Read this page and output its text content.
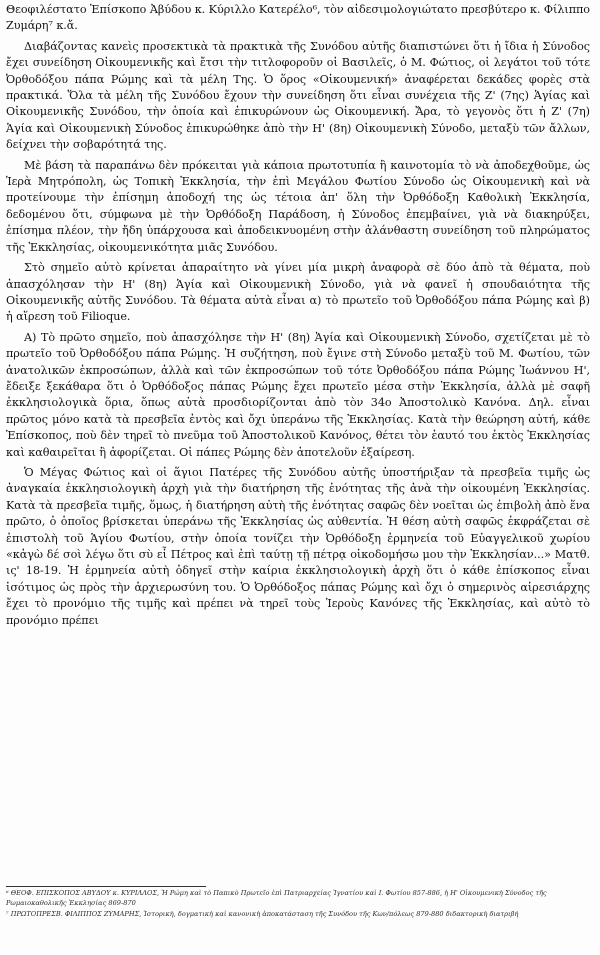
Θεοφιλέστατο Ἐπίσκοπο Ἀβύδου κ. Κύριλλο Κατερέλο⁶, τὸν αἰδεσιμολογιώτατο πρεσβύτερο κ. Φίλιππο Ζυμάρη⁷ κ.ἄ.

Διαβάζοντας κανεὶς προσεκτικὰ τὰ πρακτικὰ τῆς Συνόδου αὐτῆς διαπιστώνει ὅτι ἡ ἴδια ἡ Σύνοδος ἔχει συνείδηση Οἰκουμενικῆς καὶ ἔτσι τὴν τιτλοφοροῦν οἱ Βασιλεῖς, ὁ Μ. Φώτιος, οἱ λεγάτοι τοῦ τότε Ὀρθοδόξου πάπα Ρώμης καὶ τὰ μέλη Της. Ὁ ὅρος «Οἰκουμενική» ἀναφέρεται δεκάδες φορὲς στὰ πρακτικά. Ὅλα τὰ μέλη τῆς Συνόδου ἔχουν τὴν συνείδηση ὅτι εἶναι συνέχεια τῆς Ζ' (7ης) Ἁγίας καὶ Οἰκουμενικῆς Συνόδου, τὴν ὁποία καὶ ἐπικυρώνουν ὡς Οἰκουμενική. Ἄρα, τὸ γεγονὸς ὅτι ἡ Ζ' (7η) Ἁγία καὶ Οἰκουμενικὴ Σύνοδος ἐπικυρώθηκε ἀπὸ τὴν Η' (8η) Οἰκουμενικὴ Σύνοδο, μεταξὺ τῶν ἄλλων, δείχνει τὴν σοβαρότητά της.

Μὲ βάση τὰ παραπάνω δὲν πρόκειται γιὰ κάποια πρωτοτυπία ἢ καινοτομία τὸ νὰ ἀποδεχθοῦμε, ὡς Ἱερὰ Μητρόπολη, ὡς Τοπικὴ Ἐκκλησία, τὴν ἐπὶ Μεγάλου Φωτίου Σύνοδο ὡς Οἰκουμενικὴ καὶ νὰ προτείνουμε τὴν ἐπίσημη ἀποδοχή της ὡς τέτοια ἀπ' ὅλη τὴν Ὀρθόδοξη Καθολικὴ Ἐκκλησία, δεδομένου ὅτι, σύμφωνα μὲ τὴν Ὀρθόδοξη Παράδοση, ἡ Σύνοδος ἐπεμβαίνει, γιὰ νὰ διακηρύξει, ἐπίσημα πλέον, τὴν ἤδη ὑπάρχουσα καὶ ἀποδεικνυομένη στὴν ἀλάνθαστη συνείδηση τοῦ πληρώματος τῆς Ἐκκλησίας, οἰκουμενικότητα μιᾶς Συνόδου.

Στὸ σημεῖο αὐτὸ κρίνεται ἀπαραίτητο νὰ γίνει μία μικρὴ ἀναφορὰ σὲ δύο ἀπὸ τὰ θέματα, ποὺ ἀπασχόλησαν τὴν Η' (8η) Ἁγία καὶ Οἰκουμενικὴ Σύνοδο, γιὰ νὰ φανεῖ ἡ σπουδαιότητα τῆς Οἰκουμενικῆς αὐτῆς Συνόδου. Τὰ θέματα αὐτὰ εἶναι α) τὸ πρωτεῖο τοῦ Ὀρθοδόξου πάπα Ρώμης καὶ β) ἡ αἵρεση τοῦ Filioque.

Α) Τὸ πρῶτο σημεῖο, ποὺ ἀπασχόλησε τὴν Η' (8η) Ἁγία καὶ Οἰκουμενικὴ Σύνοδο, σχετίζεται μὲ τὸ πρωτεῖο τοῦ Ὀρθοδόξου πάπα Ρώμης. Ἡ συζήτηση, ποὺ ἔγινε στὴ Σύνοδο μεταξὺ τοῦ Μ. Φωτίου, τῶν ἀνατολικῶν ἐκπροσώπων, ἀλλὰ καὶ τῶν ἐκπροσώπων τοῦ τότε Ὀρθοδόξου πάπα Ρώμης Ἰωάννου Η', ἔδειξε ξεκάθαρα ὅτι ὁ Ὀρθόδοξος πάπας Ρώμης ἔχει πρωτεῖο μέσα στὴν Ἐκκλησία, ἀλλὰ μὲ σαφῆ ἐκκλησιολογικὰ ὅρια, ὅπως αὐτὰ προσδιορίζονται ἀπὸ τὸν 34ο Ἀποστολικὸ Κανόνα. Δηλ. εἶναι πρῶτος μόνο κατὰ τὰ πρεσβεῖα ἐντὸς καὶ ὄχι ὑπεράνω τῆς Ἐκκλησίας. Κατὰ τὴν θεώρηση αὐτή, κάθε Ἐπίσκοπος, ποὺ δὲν τηρεῖ τὸ πνεῦμα τοῦ Ἀποστολικοῦ Κανόνος, θέτει τὸν ἑαυτό του ἐκτὸς Ἐκκλησίας καὶ καθαιρεῖται ἢ ἀφορίζεται. Οἱ πάπες Ρώμης δὲν ἀποτελοῦν ἐξαίρεση.

Ὁ Μέγας Φώτιος καὶ οἱ ἅγιοι Πατέρες τῆς Συνόδου αὐτῆς ὑποστήριξαν τὰ πρεσβεῖα τιμῆς ὡς ἀναγκαία ἐκκλησιολογικὴ ἀρχὴ γιὰ τὴν διατήρηση τῆς ἑνότητας τῆς ἀνὰ τὴν οἰκουμένη Ἐκκλησίας. Κατὰ τὰ πρεσβεῖα τιμῆς, ὅμως, ἡ διατήρηση αὐτὴ τῆς ἑνότητας σαφῶς δὲν νοεῖται ὡς ἐπιβολὴ ἀπὸ ἕνα πρῶτο, ὁ ὁποῖος βρίσκεται ὑπεράνω τῆς Ἐκκλησίας ὡς αὐθεντία. Ἡ θέση αὐτὴ σαφῶς ἐκφράζεται σὲ ἐπιστολὴ τοῦ Ἁγίου Φωτίου, στὴν ὁποία τονίζει τὴν Ὀρθόδοξη ἑρμηνεία τοῦ Εὐαγγελικοῦ χωρίου «κἀγὼ δέ σοὶ λέγω ὅτι σὺ εἶ Πέτρος καὶ ἐπὶ ταύτῃ τῇ πέτρᾳ οἰκοδομήσω μου τὴν Ἐκκλησίαν...» Ματθ. ις' 18-19. Ἡ ἑρμηνεία αὐτὴ ὁδηγεῖ στὴν καίρια ἐκκλησιολογικὴ ἀρχὴ ὅτι ὁ κάθε ἐπίσκοπος εἶναι ἰσότιμος ὡς πρὸς τὴν ἀρχιερωσύνη του. Ὁ Ὀρθόδοξος πάπας Ρώμης καὶ ὄχι ὁ σημερινὸς αἱρεσιάρχης ἔχει τὸ προνόμιο τῆς τιμῆς καὶ πρέπει νὰ τηρεῖ τοὺς Ἱεροὺς Κανόνες τῆς Ἐκκλησίας, καὶ αὐτὸ τὸ προνόμιο πρέπει

⁶ ΘΕΟΦ. ΕΠΙΣΚΟΠΟΣ ΑΒΥΔΟΥ κ. ΚΥΡΙΛΛΟΣ, Ἡ Ρώμη καὶ τὸ Παπικὸ Πρωτεῖο ἐπὶ Πατριαρχείας Ἰγνατίου καὶ Ι. Φωτίου 857-886, ἡ Η' Οἰκουμενικὴ Σύνοδος τῆς Ρωμαιοκαθολικῆς Ἐκκλησίας 869-870

⁷ ΠΡΩΤΟΠΡΕΣΒ. ΦΙΛΙΠΠΟΣ ΖΥΜΑΡΗΣ, Ἱστορικὴ, δογματικὴ καὶ κανονικὴ ἀποκατάσταση τῆς Συνόδου τῆς Κων/πόλεως 879-880 διδακτορικὴ διατριβή
